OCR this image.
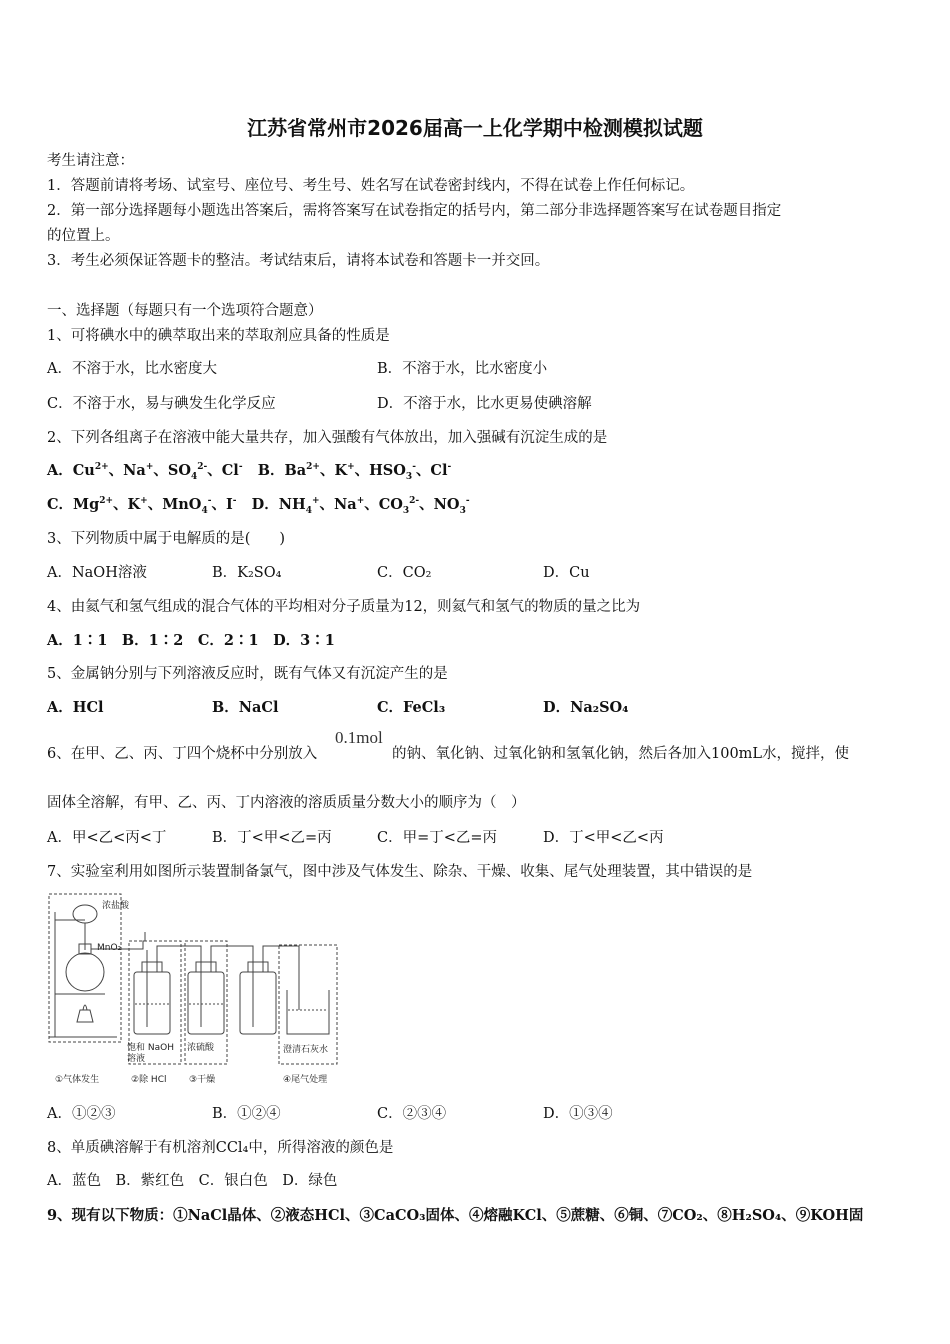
江苏省常州市2026届高一上化学期中检测模拟试题
考生请注意：
1．答题前请将考场、试室号、座位号、考生号、姓名写在试卷密封线内，不得在试卷上作任何标记。
2．第一部分选择题每小题选出答案后，需将答案写在试卷指定的括号内，第二部分非选择题答案写在试卷题目指定
的位置上。
3．考生必须保证答题卡的整洁。考试结束后，请将本试卷和答题卡一并交回。
一、选择题（每题只有一个选项符合题意）
1、可将碘水中的碘萃取出来的萃取剂应具备的性质是
A．不溶于水，比水密度大	B．不溶于水，比水密度小
C．不溶于水，易与碘发生化学反应	D．不溶于水，比水更易使碘溶解
2、下列各组离子在溶液中能大量共存，加入强酸有气体放出，加入强碱有沉淀生成的是
A．$Cu^{2+}$、Na+、$SO_4^{2-}$、Cl- B．$Ba^{2+}$、K+、$HSO_3^-$、Cl-
C．$Mg^{2+}$、K+、MnO$_4$-、I- D．$NH_4^+$、Na+、$CO_3^{2-}$、$NO_3^-$
3、下列物质中属于电解质的是(　　)
A．NaOH溶液	B．K₂SO₄	C．CO₂	D．Cu
4、由氦气和氢气组成的混合气体的平均相对分子质量为12，则氦气和氢气的物质的量之比为
A．1∶1　B．1∶2　C．2∶1　D．3∶1
5、金属钠分别与下列溶液反应时，既有气体又有沉淀产生的是
A．HCl	B．NaCl	C．FeCl₃	D．Na₂SO₄
6、在甲、乙、丙、丁四个烧杯中分别放入
0.1mol
的钠、氧化钠、过氧化钠和氢氧化钠，然后各加入100mL水，搅拌，使
固体全溶解，有甲、乙、丙、丁内溶液的溶质质量分数大小的顺序为（　）
A．甲<乙<丙<丁	B．丁<甲<乙=丙	C．甲=丁<乙=丙	D．丁<甲<乙<丙
7、实验室利用如图所示装置制备氯气，图中涉及气体发生、除杂、干燥、收集、尾气处理装置，其中错误的是
浓盐酸
MnO₂
饱和 NaOH
溶液
浓硫酸	澄清石灰水
①气体发生	②除 HCl	③干燥	④尾气处理
A．①②③	B．①②④	C．②③④	D．①③④
8、单质碘溶解于有机溶剂CCl₄中，所得溶液的颜色是
A．蓝色　B．紫红色　C．银白色　D．绿色
9、现有以下物质：①NaCl晶体、②液态HCl、③CaCO₃固体、④熔融KCl、⑤蔗糖、⑥铜、⑦CO₂、⑧H₂SO₄、⑨KOH固
